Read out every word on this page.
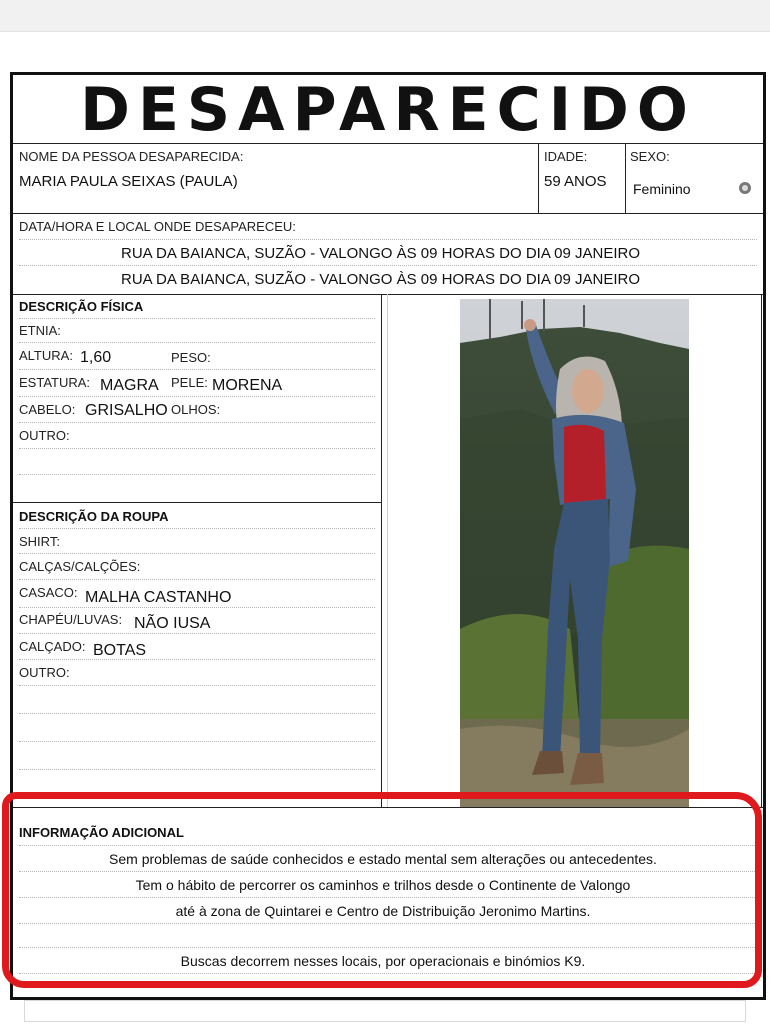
DESAPARECIDO
NOME DA PESSOA DESAPARECIDA:
MARIA PAULA SEIXAS (PAULA)
IDADE:
59 ANOS
SEXO:
Feminino
DATA/HORA E LOCAL ONDE DESAPARECEU:
RUA DA BAIANCA, SUZÃO - VALONGO ÀS 09 HORAS DO DIA 09 JANEIRO
RUA DA BAIANCA, SUZÃO - VALONGO ÀS 09 HORAS DO DIA 09 JANEIRO
DESCRIÇÃO FÍSICA
ETNIA:
ALTURA: 1,60	PESO:
ESTATURA: MAGRA PELE: MORENA
CABELO: GRISALHO OLHOS:
OUTRO:
DESCRIÇÃO DA ROUPA
SHIRT:
CALÇAS/CALÇÕES:
CASACO: MALHA CASTANHO
CHAPÉU/LUVAS: NÃO IUSA
CALÇADO: BOTAS
OUTRO:
INFORMAÇÃO ADICIONAL
Sem problemas de saúde conhecidos e estado mental sem alterações ou antecedentes.
Tem o hábito de percorrer os caminhos e trilhos desde o Continente de Valongo
até à zona de Quintarei e Centro de Distribuição Jeronimo Martins.
Buscas decorrem nesses locais, por operacionais e binómios K9.
